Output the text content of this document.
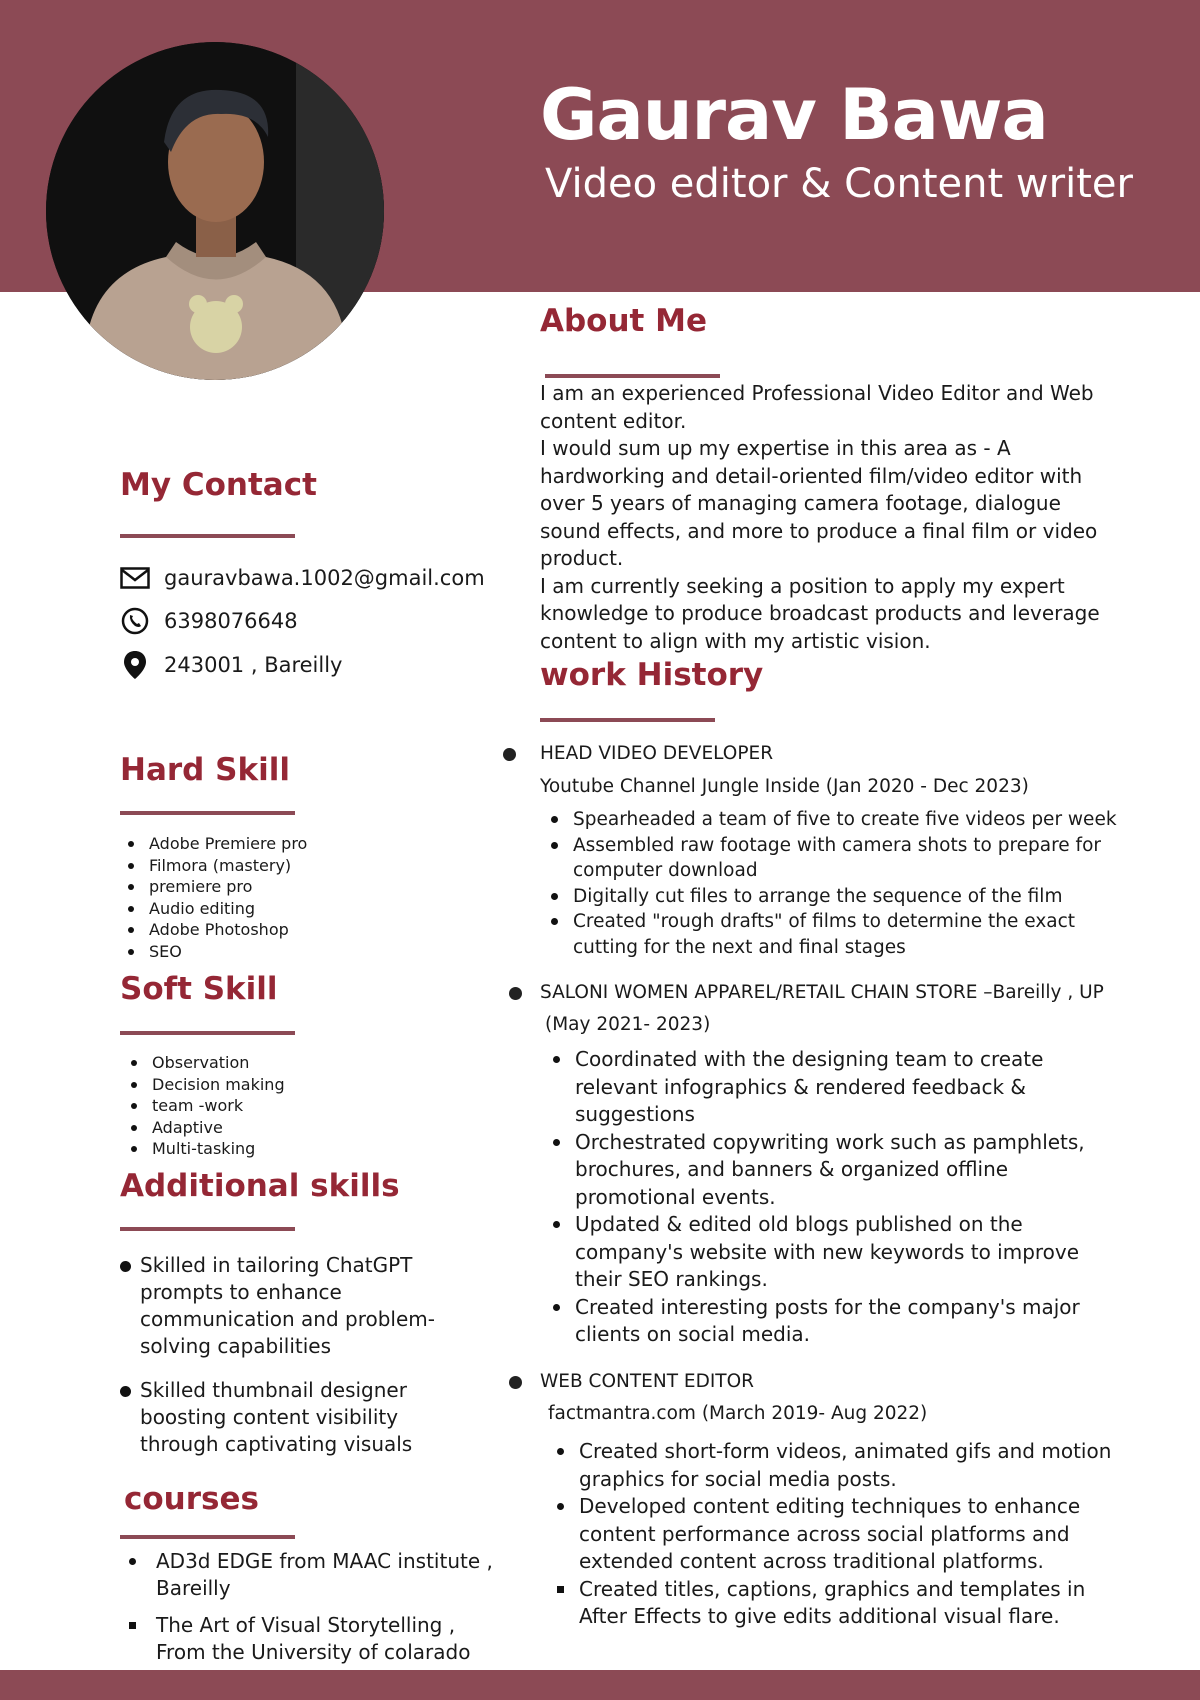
Gaurav Bawa
Video editor & Content writer
About Me

I am an experienced Professional Video Editor and Web content editor.

I would sum up my expertise in this area as - A hardworking and detail-oriented film/video editor with over 5 years of managing camera footage, dialogue sound effects, and more to produce a final film or video product.

I am currently seeking a position to apply my expert knowledge to produce broadcast products and leverage content to align with my artistic vision.

My Contact
gauravbawa.1002@gmail.com
6398076648
243001 , Bareilly
Hard Skill
Adobe Premiere pro
Filmora (mastery)
premiere pro
Audio editing
Adobe Photoshop
SEO
Soft Skill
Observation
Decision making
team -work
Adaptive
Multi-tasking
Additional skills
Skilled in tailoring ChatGPT prompts to enhance communication and problem-solving capabilities
Skilled thumbnail designer boosting content visibility through captivating visuals
courses
AD3d EDGE from MAAC institute , Bareilly
The Art of Visual Storytelling , From the University of colarado
work History
HEAD VIDEO DEVELOPER
Youtube Channel Jungle Inside (Jan 2020 - Dec 2023)
Spearheaded a team of five to create five videos per week
Assembled raw footage with camera shots to prepare for computer download
Digitally cut files to arrange the sequence of the film
Created "rough drafts" of films to determine the exact cutting for the next and final stages
SALONI WOMEN APPAREL/RETAIL CHAIN STORE –Bareilly , UP
(May 2021- 2023)
Coordinated with the designing team to create relevant infographics & rendered feedback & suggestions
Orchestrated copywriting work such as pamphlets, brochures, and banners & organized offline promotional events.
Updated & edited old blogs published on the company's website with new keywords to improve their SEO rankings.
Created interesting posts for the company's major clients on social media.
WEB CONTENT EDITOR
factmantra.com (March 2019- Aug 2022)
Created short-form videos, animated gifs and motion graphics for social media posts.
Developed content editing techniques to enhance content performance across social platforms and extended content across traditional platforms.
Created titles, captions, graphics and templates in After Effects to give edits additional visual flare.
